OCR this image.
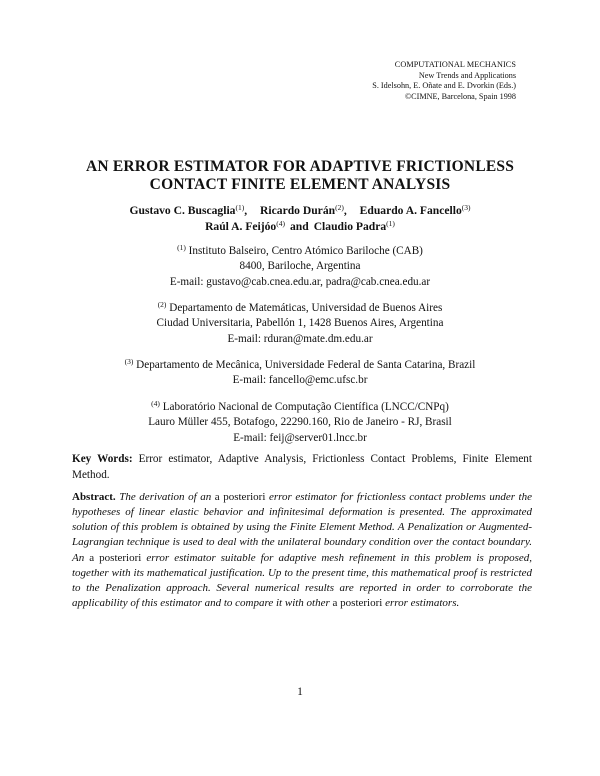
COMPUTATIONAL MECHANICS
New Trends and Applications
S. Idelsohn, E. Oñate and E. Dvorkin (Eds.)
©CIMNE, Barcelona, Spain 1998
AN ERROR ESTIMATOR FOR ADAPTIVE FRICTIONLESS
CONTACT FINITE ELEMENT ANALYSIS
Gustavo C. Buscaglia$^{(1)}$, Ricardo Durán$^{(2)}$, Eduardo A. Fancello$^{(3)}$
Raúl A. Feijóo$^{(4)}$ and Claudio Padra$^{(1)}$
$^{(1)}$ Instituto Balseiro, Centro Atómico Bariloche (CAB)
8400, Bariloche, Argentina
E-mail: gustavo@cab.cnea.edu.ar, padra@cab.cnea.edu.ar
$^{(2)}$ Departamento de Matemáticas, Universidad de Buenos Aires
Ciudad Universitaria, Pabellón 1, 1428 Buenos Aires, Argentina
E-mail: rduran@mate.dm.edu.ar
$^{(3)}$ Departamento de Mecânica, Universidade Federal de Santa Catarina, Brazil
E-mail: fancello@emc.ufsc.br
$^{(4)}$ Laboratório Nacional de Computação Científica (LNCC/CNPq)
Lauro Müller 455, Botafogo, 22290.160, Rio de Janeiro - RJ, Brasil
E-mail: feij@server01.lncc.br
Key Words: Error estimator, Adaptive Analysis, Frictionless Contact Problems, Finite Element Method.
Abstract. The derivation of an a posteriori error estimator for frictionless contact problems under the hypotheses of linear elastic behavior and infinitesimal deformation is presented. The approximated solution of this problem is obtained by using the Finite Element Method. A Penalization or Augmented-Lagrangian technique is used to deal with the unilateral boundary condition over the contact boundary. An a posteriori error estimator suitable for adaptive mesh refinement in this problem is proposed, together with its mathematical justification. Up to the present time, this mathematical proof is restricted to the Penalization approach. Several numerical results are reported in order to corroborate the applicability of this estimator and to compare it with other a posteriori error estimators.
1
